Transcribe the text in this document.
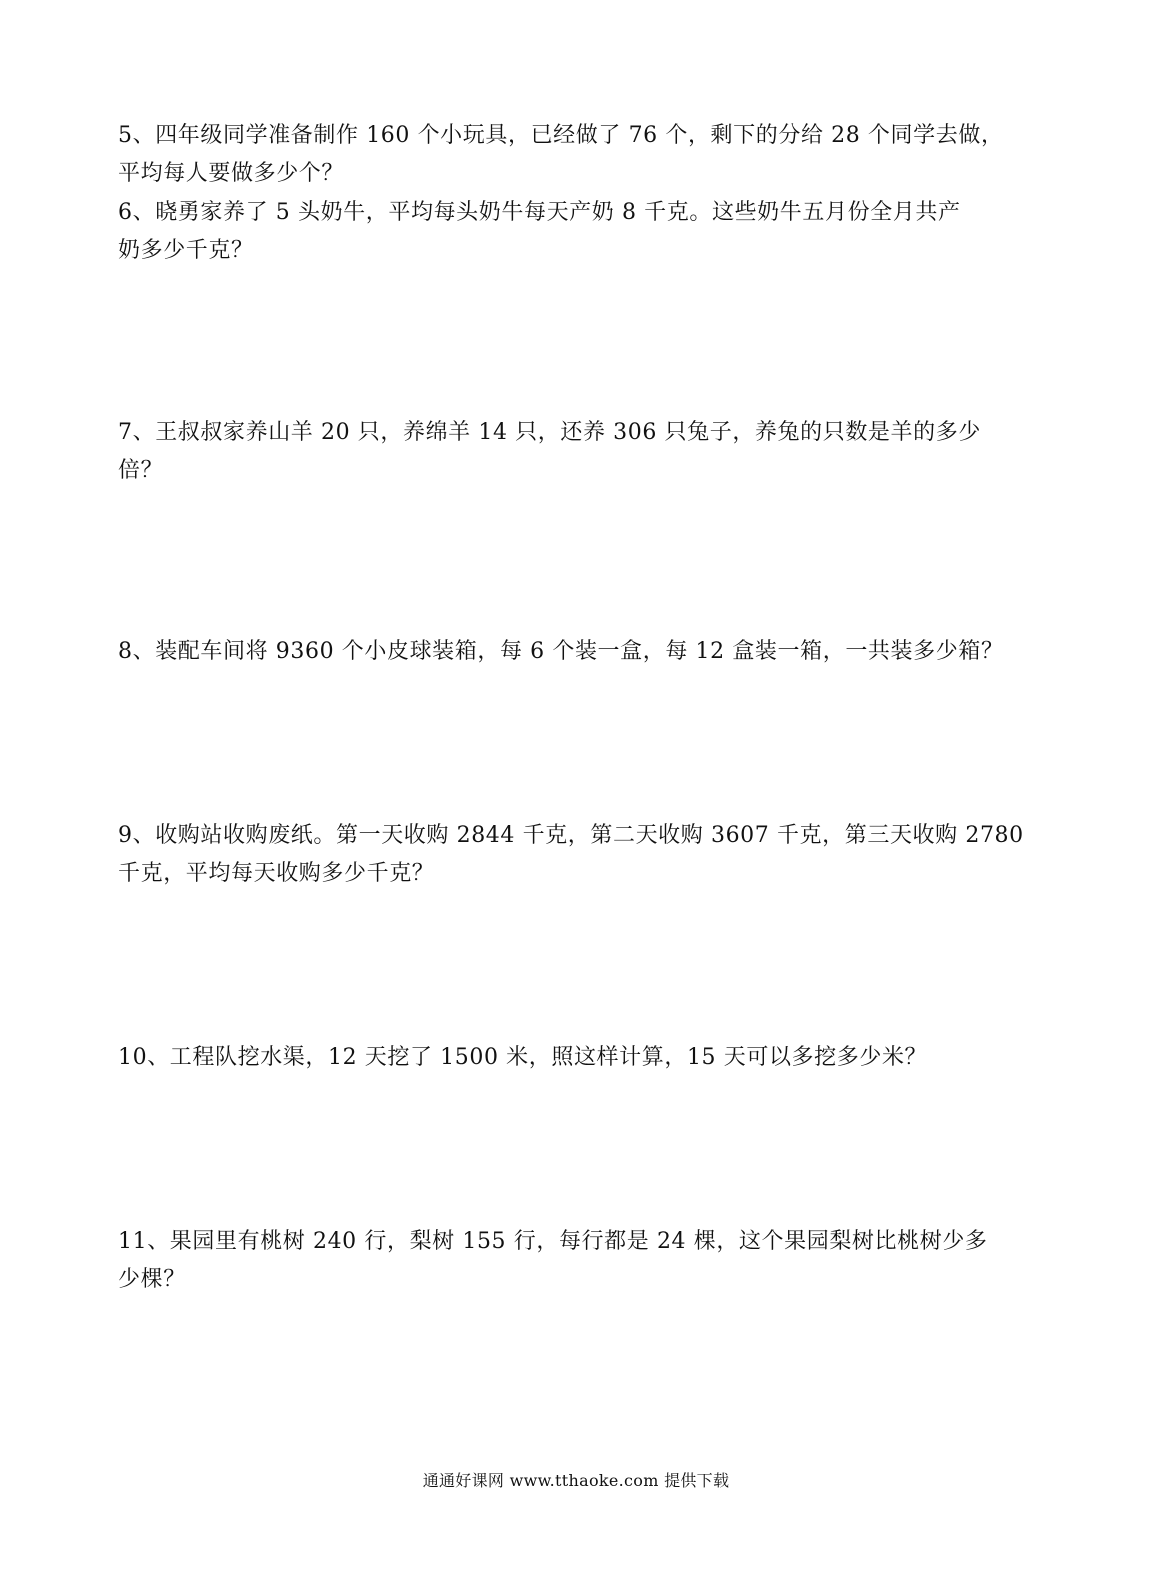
5、四年级同学准备制作 160 个小玩具，已经做了 76 个，剩下的分给 28 个同学去做，
平均每人要做多少个？
6、晓勇家养了 5 头奶牛，平均每头奶牛每天产奶 8 千克。这些奶牛五月份全月共产
奶多少千克？
7、王叔叔家养山羊 20 只，养绵羊 14 只，还养 306 只兔子，养兔的只数是羊的多少
倍？
8、装配车间将 9360 个小皮球装箱，每 6 个装一盒，每 12 盒装一箱，一共装多少箱？
9、收购站收购废纸。第一天收购 2844 千克，第二天收购 3607 千克，第三天收购 2780
千克，平均每天收购多少千克？
10、工程队挖水渠，12 天挖了 1500 米，照这样计算，15 天可以多挖多少米？
11、果园里有桃树 240 行，梨树 155 行，每行都是 24 棵，这个果园梨树比桃树少多
少棵？
通通好课网 www.tthaoke.com 提供下载
